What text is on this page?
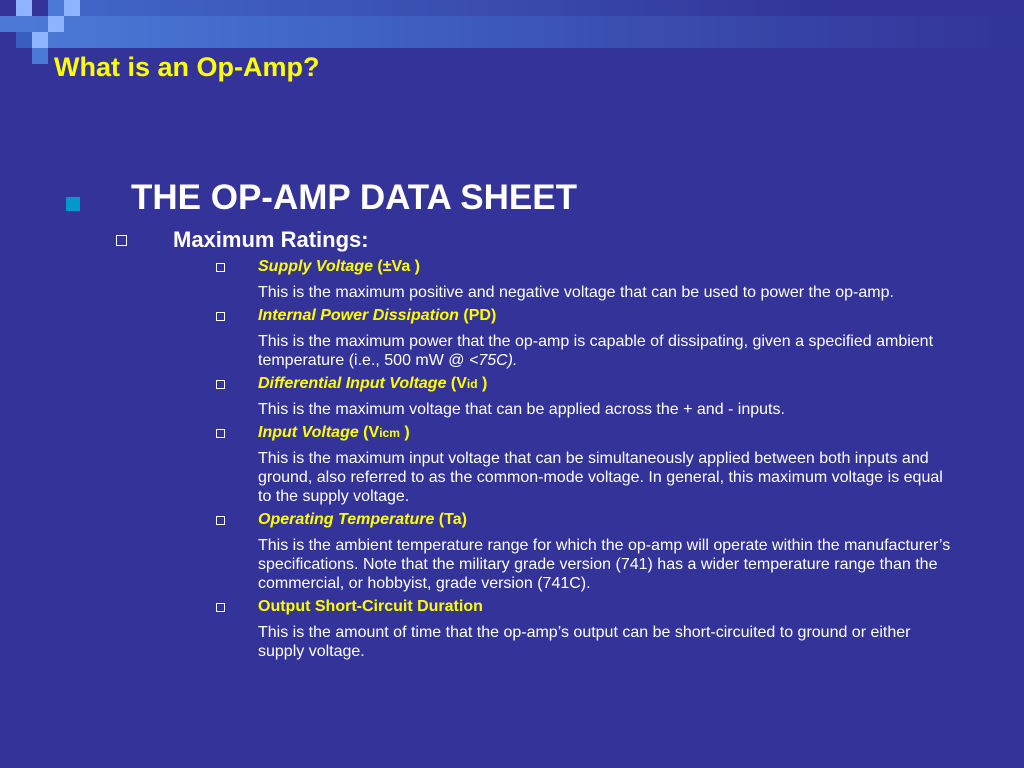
What is an Op-Amp?
THE OP-AMP DATA SHEET
Maximum Ratings:
Supply Voltage (±Va )
This is the maximum positive and negative voltage that can be used to power the op-amp.
Internal Power Dissipation (PD)
This is the maximum power that the op-amp is capable of dissipating, given a specified ambient temperature (i.e., 500 mW @ <75C).
Differential Input Voltage (Vid )
This is the maximum voltage that can be applied across the + and - inputs.
Input Voltage (Vicm )
This is the maximum input voltage that can be simultaneously applied between both inputs and ground, also referred to as the common-mode voltage. In general, this maximum voltage is equal to the supply voltage.
Operating Temperature (Ta)
This is the ambient temperature range for which the op-amp will operate within the manufacturer’s specifications. Note that the military grade version (741) has a wider temperature range than the commercial, or hobbyist, grade version (741C).
Output Short-Circuit Duration
This is the amount of time that the op-amp’s output can be short-circuited to ground or either supply voltage.
